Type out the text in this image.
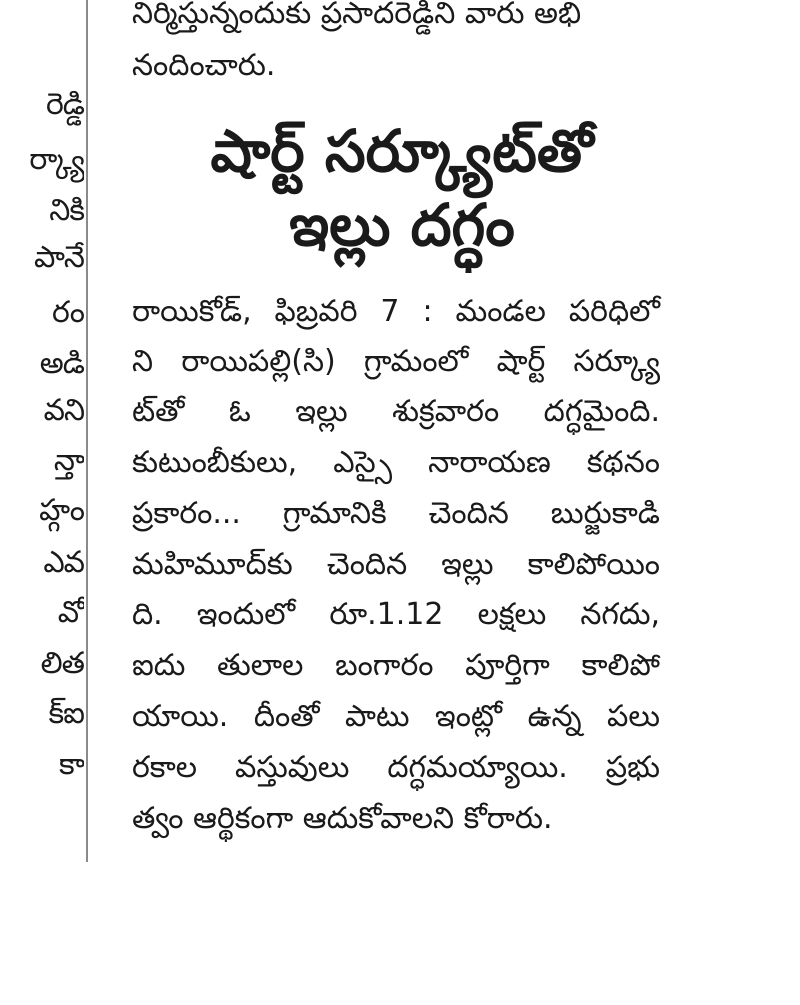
రెడ్డి
ర్క్యా
నికి
పానే
రం
అడి
వని
న్తా
హ్గం
ఎవ
వో
లిత
క్ఐ
కా
నిర్మిస్తున్నందుకు ప్రసాదరెడ్డిని వారు అభి
నందించారు.
షార్ట్ సర్క్యూట్‌తో
ఇల్లు దగ్ధం
రాయికోడ్, ఫిబ్రవరి 7 : మండల పరిధిలో
ని రాయిపల్లి(సి) గ్రామంలో షార్ట్ సర్క్యూ
ట్‌తో ఓ ఇల్లు శుక్రవారం దగ్ధమైంది.
కుటుంబీకులు, ఎస్సై నారాయణ కథనం
ప్రకారం... గ్రామానికి చెందిన బుర్జుకాడి
మహిమూద్‌కు చెందిన ఇల్లు కాలిపోయిం
ది. ఇందులో రూ.1.12 లక్షలు నగదు,
ఐదు తులాల బంగారం పూర్తిగా కాలిపో
యాయి. దీంతో పాటు ఇంట్లో ఉన్న పలు
రకాల వస్తువులు దగ్ధమయ్యాయి. ప్రభు
త్వం ఆర్థికంగా ఆదుకోవాలని కోరారు.
